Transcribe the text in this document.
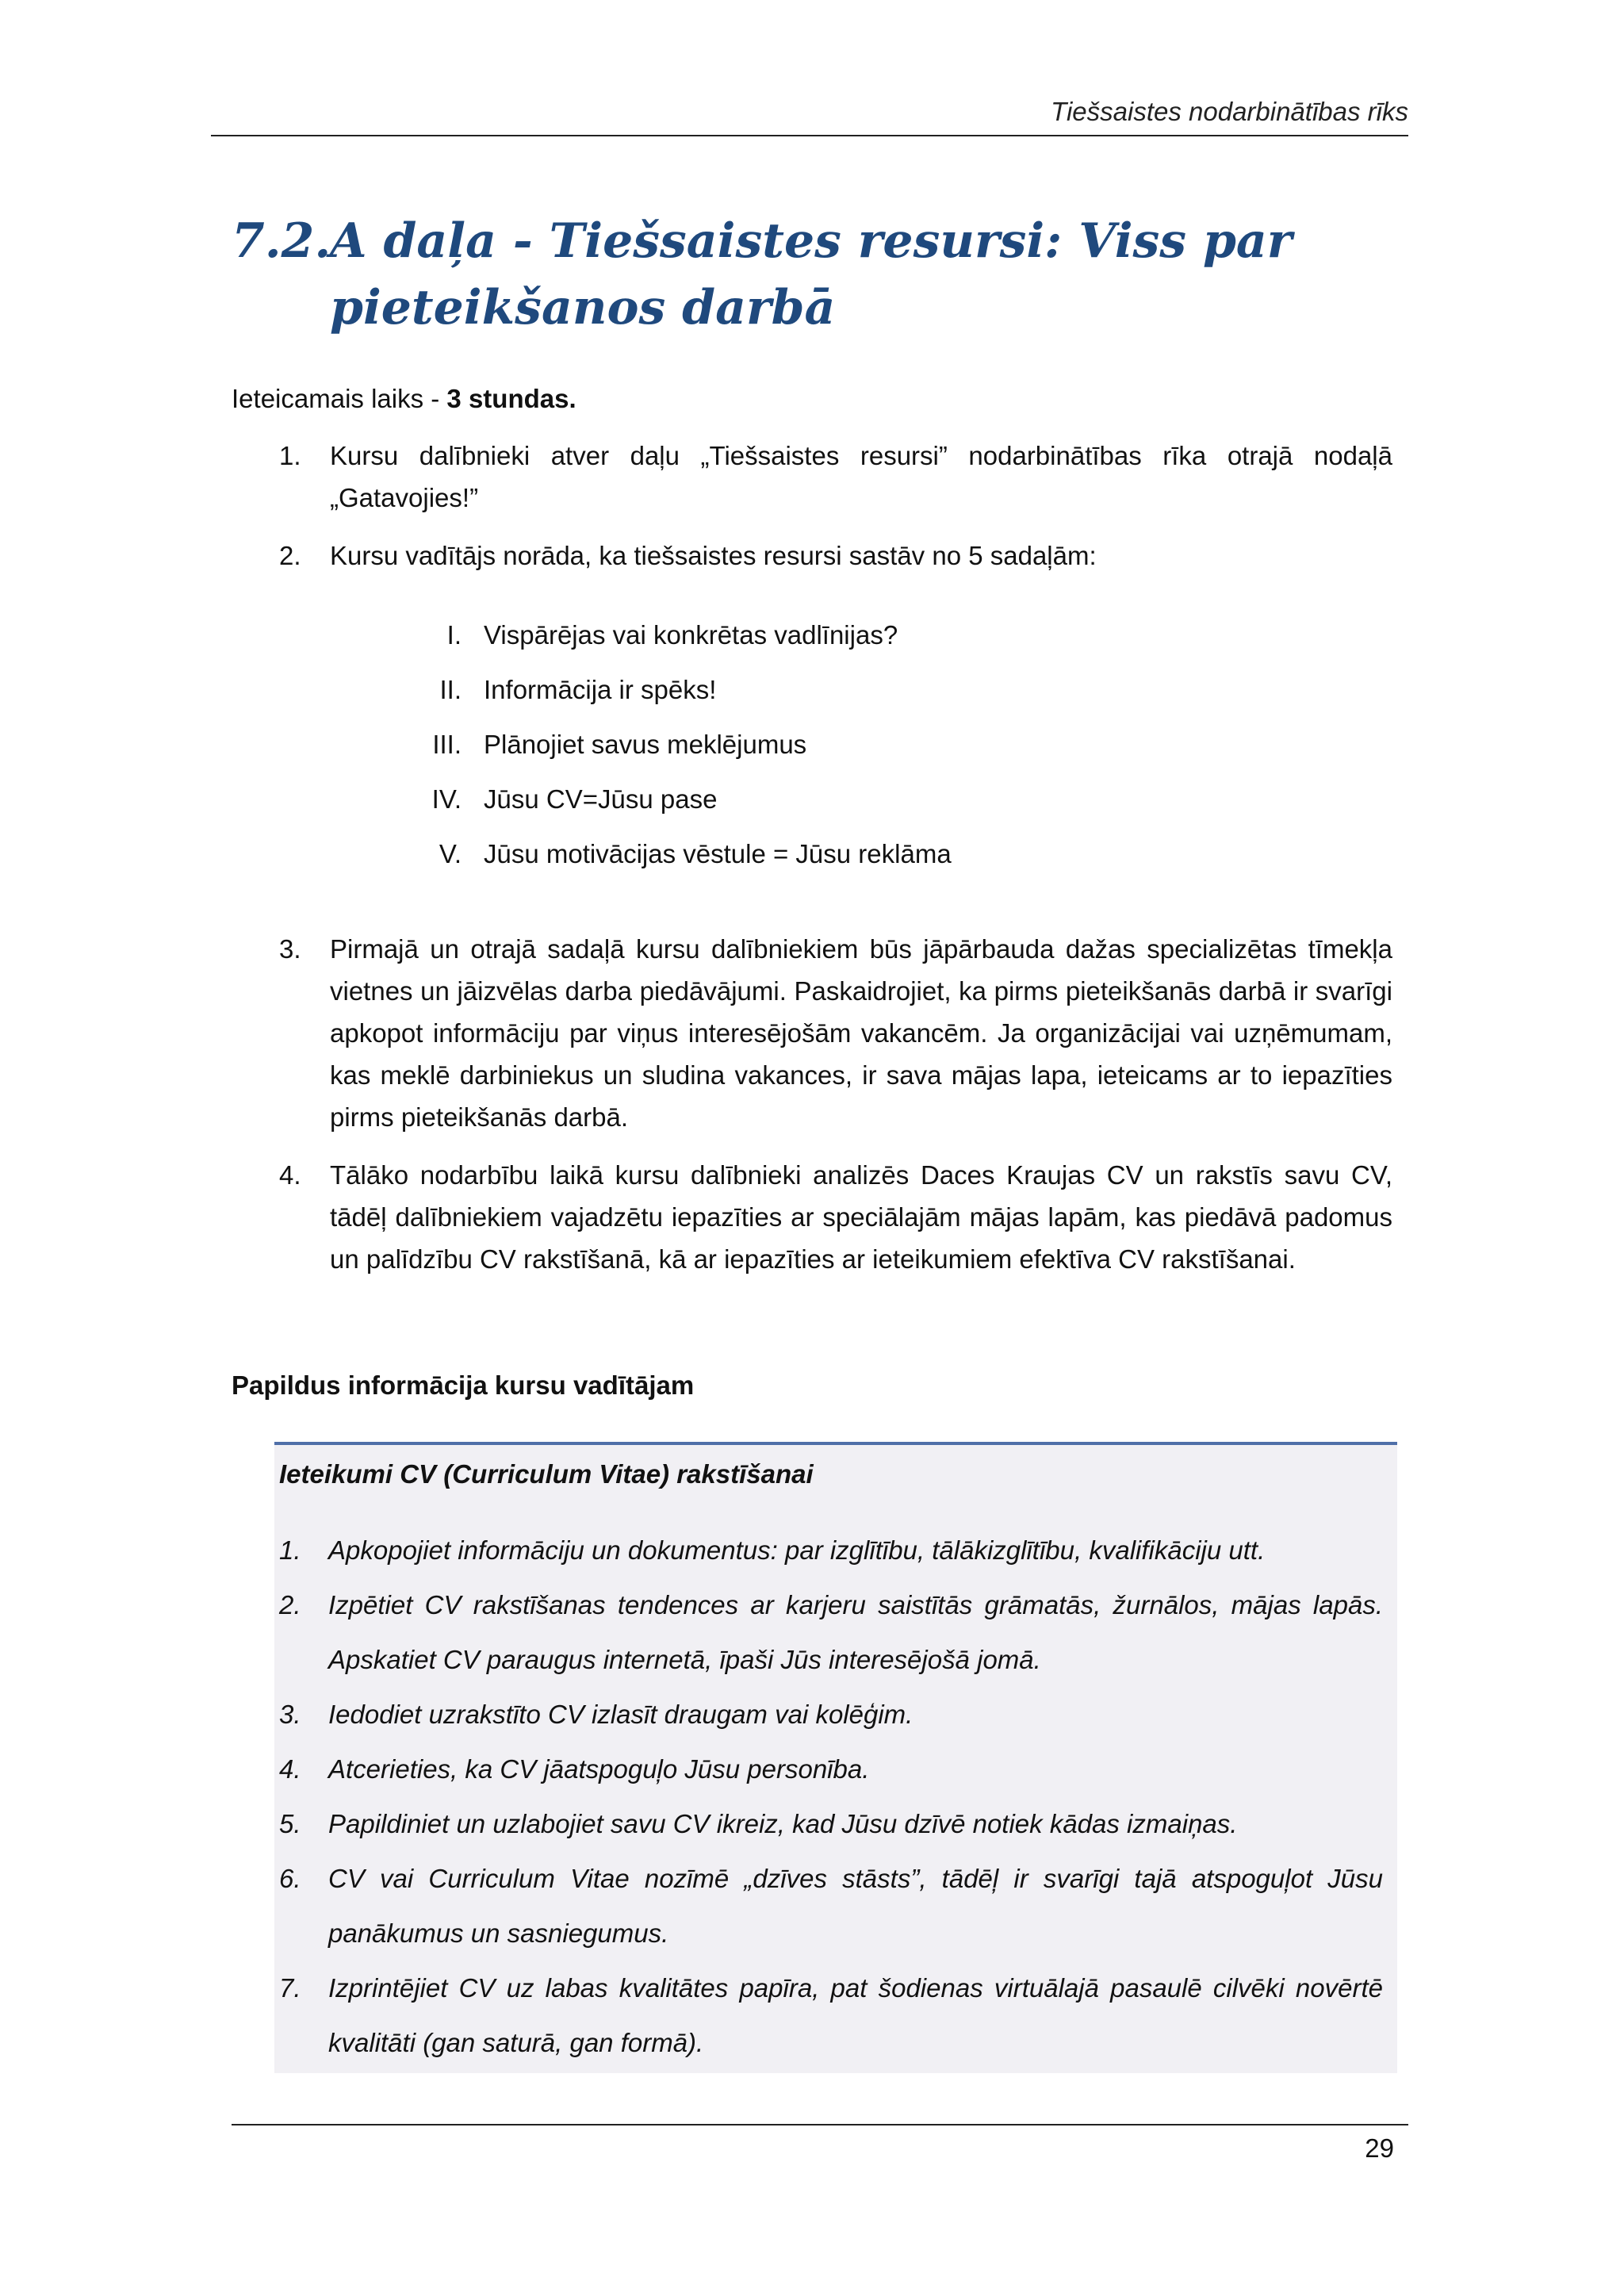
Tiešsaistes nodarbinātības rīks
7.2.
A daļa - Tiešsaistes resursi: Viss par pieteikšanos darbā
Ieteicamais laiks - 3 stundas.
1. Kursu dalībnieki atver daļu „Tiešsaistes resursi” nodarbinātības rīka otrajā nodaļā „Gatavojies!”
2. Kursu vadītājs norāda, ka tiešsaistes resursi sastāv no 5 sadaļām:
I. Vispārējas vai konkrētas vadlīnijas?
II. Informācija ir spēks!
III. Plānojiet savus meklējumus
IV. Jūsu CV=Jūsu pase
V. Jūsu motivācijas vēstule = Jūsu reklāma
3. Pirmajā un otrajā sadaļā kursu dalībniekiem būs jāpārbauda dažas specializētas tīmekļa vietnes un jāizvēlas darba piedāvājumi. Paskaidrojiet, ka pirms pieteikšanās darbā ir svarīgi apkopot informāciju par viņus interesējošām vakancēm. Ja organizācijai vai uzņēmumam, kas meklē darbiniekus un sludina vakances, ir sava mājas lapa, ieteicams ar to iepazīties pirms pieteikšanās darbā.
4. Tālāko nodarbību laikā kursu dalībnieki analizēs Daces Kraujas CV un rakstīs savu CV, tādēļ dalībniekiem vajadzētu iepazīties ar speciālajām mājas lapām, kas piedāvā padomus un palīdzību CV rakstīšanā, kā ar iepazīties ar ieteikumiem efektīva CV rakstīšanai.
Papildus informācija kursu vadītājam
Ieteikumi CV (Curriculum Vitae) rakstīšanai
1. Apkopojiet informāciju un dokumentus: par izglītību, tālākizglītību, kvalifikāciju utt.
2. Izpētiet CV rakstīšanas tendences ar karjeru saistītās grāmatās, žurnālos, mājas lapās. Apskatiet CV paraugus internetā, īpaši Jūs interesējošā jomā.
3. Iedodiet uzrakstīto CV izlasīt draugam vai kolēģim.
4. Atcerieties, ka CV jāatspoguļo Jūsu personība.
5. Papildiniet un uzlabojiet savu CV ikreiz, kad Jūsu dzīvē notiek kādas izmaiņas.
6. CV vai Curriculum Vitae nozīmē „dzīves stāsts”, tādēļ ir svarīgi tajā atspoguļot Jūsu panākumus un sasniegumus.
7. Izprintējiet CV uz labas kvalitātes papīra, pat šodienas virtuālajā pasaulē cilvēki novērtē kvalitāti (gan saturā, gan formā).
29
